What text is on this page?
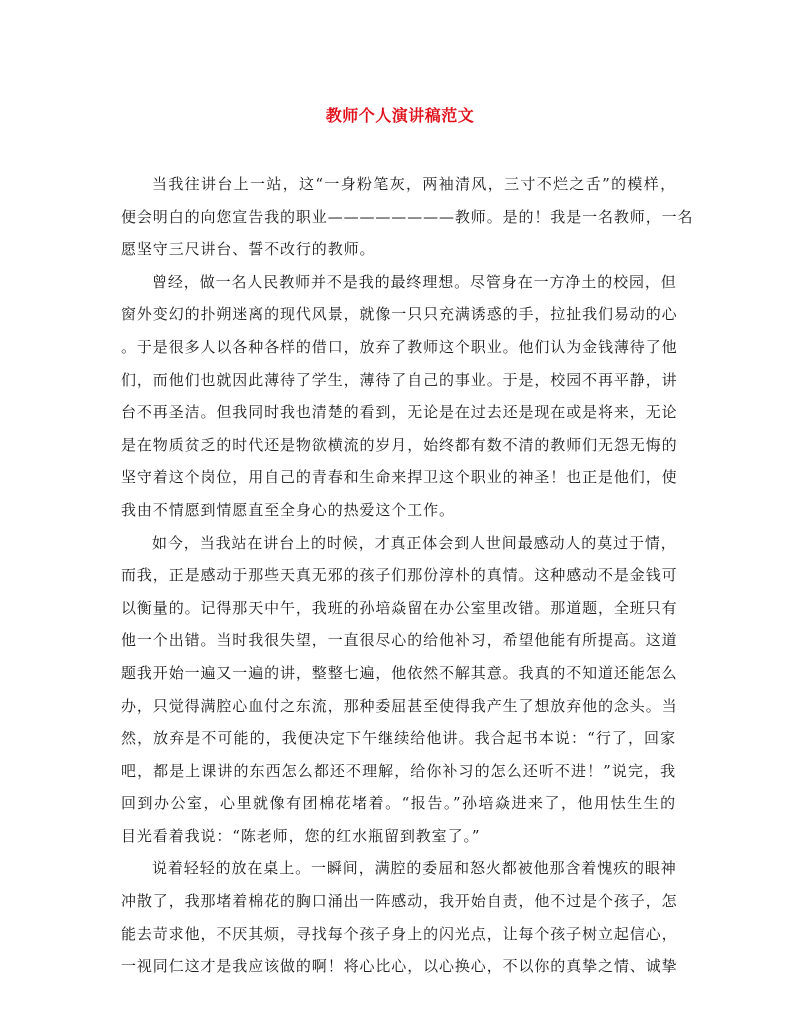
教师个人演讲稿范文
当我往讲台上一站，这“一身粉笔灰，两袖清风，三寸不烂之舌”的模样，
便会明白的向您宣告我的职业————————教师。是的！我是一名教师，一名
愿坚守三尺讲台、誓不改行的教师。
曾经，做一名人民教师并不是我的最终理想。尽管身在一方净土的校园，但
窗外变幻的扑朔迷离的现代风景，就像一只只充满诱惑的手，拉扯我们易动的心
。于是很多人以各种各样的借口，放弃了教师这个职业。他们认为金钱薄待了他
们，而他们也就因此薄待了学生，薄待了自己的事业。于是，校园不再平静，讲
台不再圣洁。但我同时我也清楚的看到，无论是在过去还是现在或是将来，无论
是在物质贫乏的时代还是物欲横流的岁月，始终都有数不清的教师们无怨无悔的
坚守着这个岗位，用自己的青春和生命来捍卫这个职业的神圣！也正是他们，使
我由不情愿到情愿直至全身心的热爱这个工作。
如今，当我站在讲台上的时候，才真正体会到人世间最感动人的莫过于情，
而我，正是感动于那些天真无邪的孩子们那份淳朴的真情。这种感动不是金钱可
以衡量的。记得那天中午，我班的孙培焱留在办公室里改错。那道题，全班只有
他一个出错。当时我很失望，一直很尽心的给他补习，希望他能有所提高。这道
题我开始一遍又一遍的讲，整整七遍，他依然不解其意。我真的不知道还能怎么
办，只觉得满腔心血付之东流，那种委屈甚至使得我产生了想放弃他的念头。当
然，放弃是不可能的，我便决定下午继续给他讲。我合起书本说：“行了，回家
吧，都是上课讲的东西怎么都还不理解，给你补习的怎么还听不进！”说完，我
回到办公室，心里就像有团棉花堵着。“报告。”孙培焱进来了，他用怯生生的
目光看着我说：“陈老师，您的红水瓶留到教室了。”
说着轻轻的放在桌上。一瞬间，满腔的委屈和怒火都被他那含着愧疚的眼神
冲散了，我那堵着棉花的胸口涌出一阵感动，我开始自责，他不过是个孩子，怎
能去苛求他，不厌其烦，寻找每个孩子身上的闪光点，让每个孩子树立起信心，
一视同仁这才是我应该做的啊！将心比心，以心换心，不以你的真挚之情、诚挚
